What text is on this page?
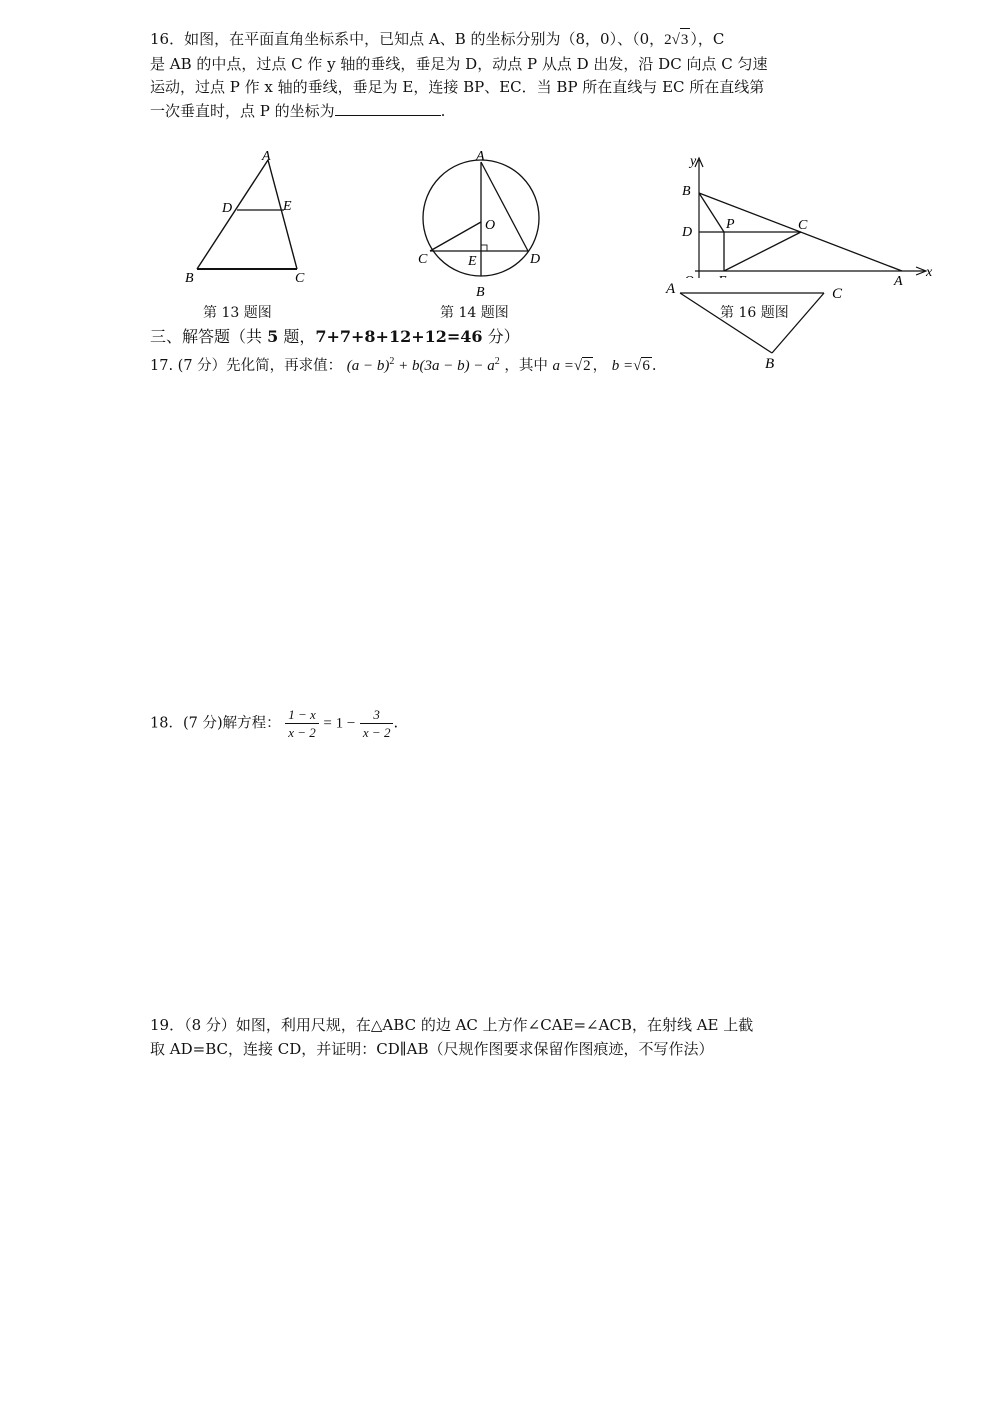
16．如图，在平面直角坐标系中，已知点 A、B 的坐标分别为（8，0）、（0，2√3 ），C
是 AB 的中点，过点 C 作 y 轴的垂线，垂足为 D，动点 P 从点 D 出发，沿 DC 向点 C 匀速
运动，过点 P 作 x 轴的垂线，垂足为 E，连接 BP、EC．当 BP 所在直线与 EC 所在直线第
一次垂直时，点 P 的坐标为	.
A
D	E
B	C
第 13 题图
A
O
C	E	D
B
第 14 题图
y
B
D
P	C
O E	A
x
A	C
B
第 16 题图
三、解答题（共 5 题，7+7+8+12+12=46 分）
17. (7 分）先化简，再求值： $(a - b)^2 + b(3a - b) - a^2$ ，其中 a =√2 ， b =√6 .
18．(7 分)解方程： $\frac{1 - x}{x - 2} = 1 - \frac{3}{x - 2}$ .
19．（8 分）如图，利用尺规，在△ABC 的边 AC 上方作∠CAE=∠ACB，在射线 AE 上截
取 AD=BC，连接 CD，并证明：CD∥AB（尺规作图要求保留作图痕迹，不写作法）
